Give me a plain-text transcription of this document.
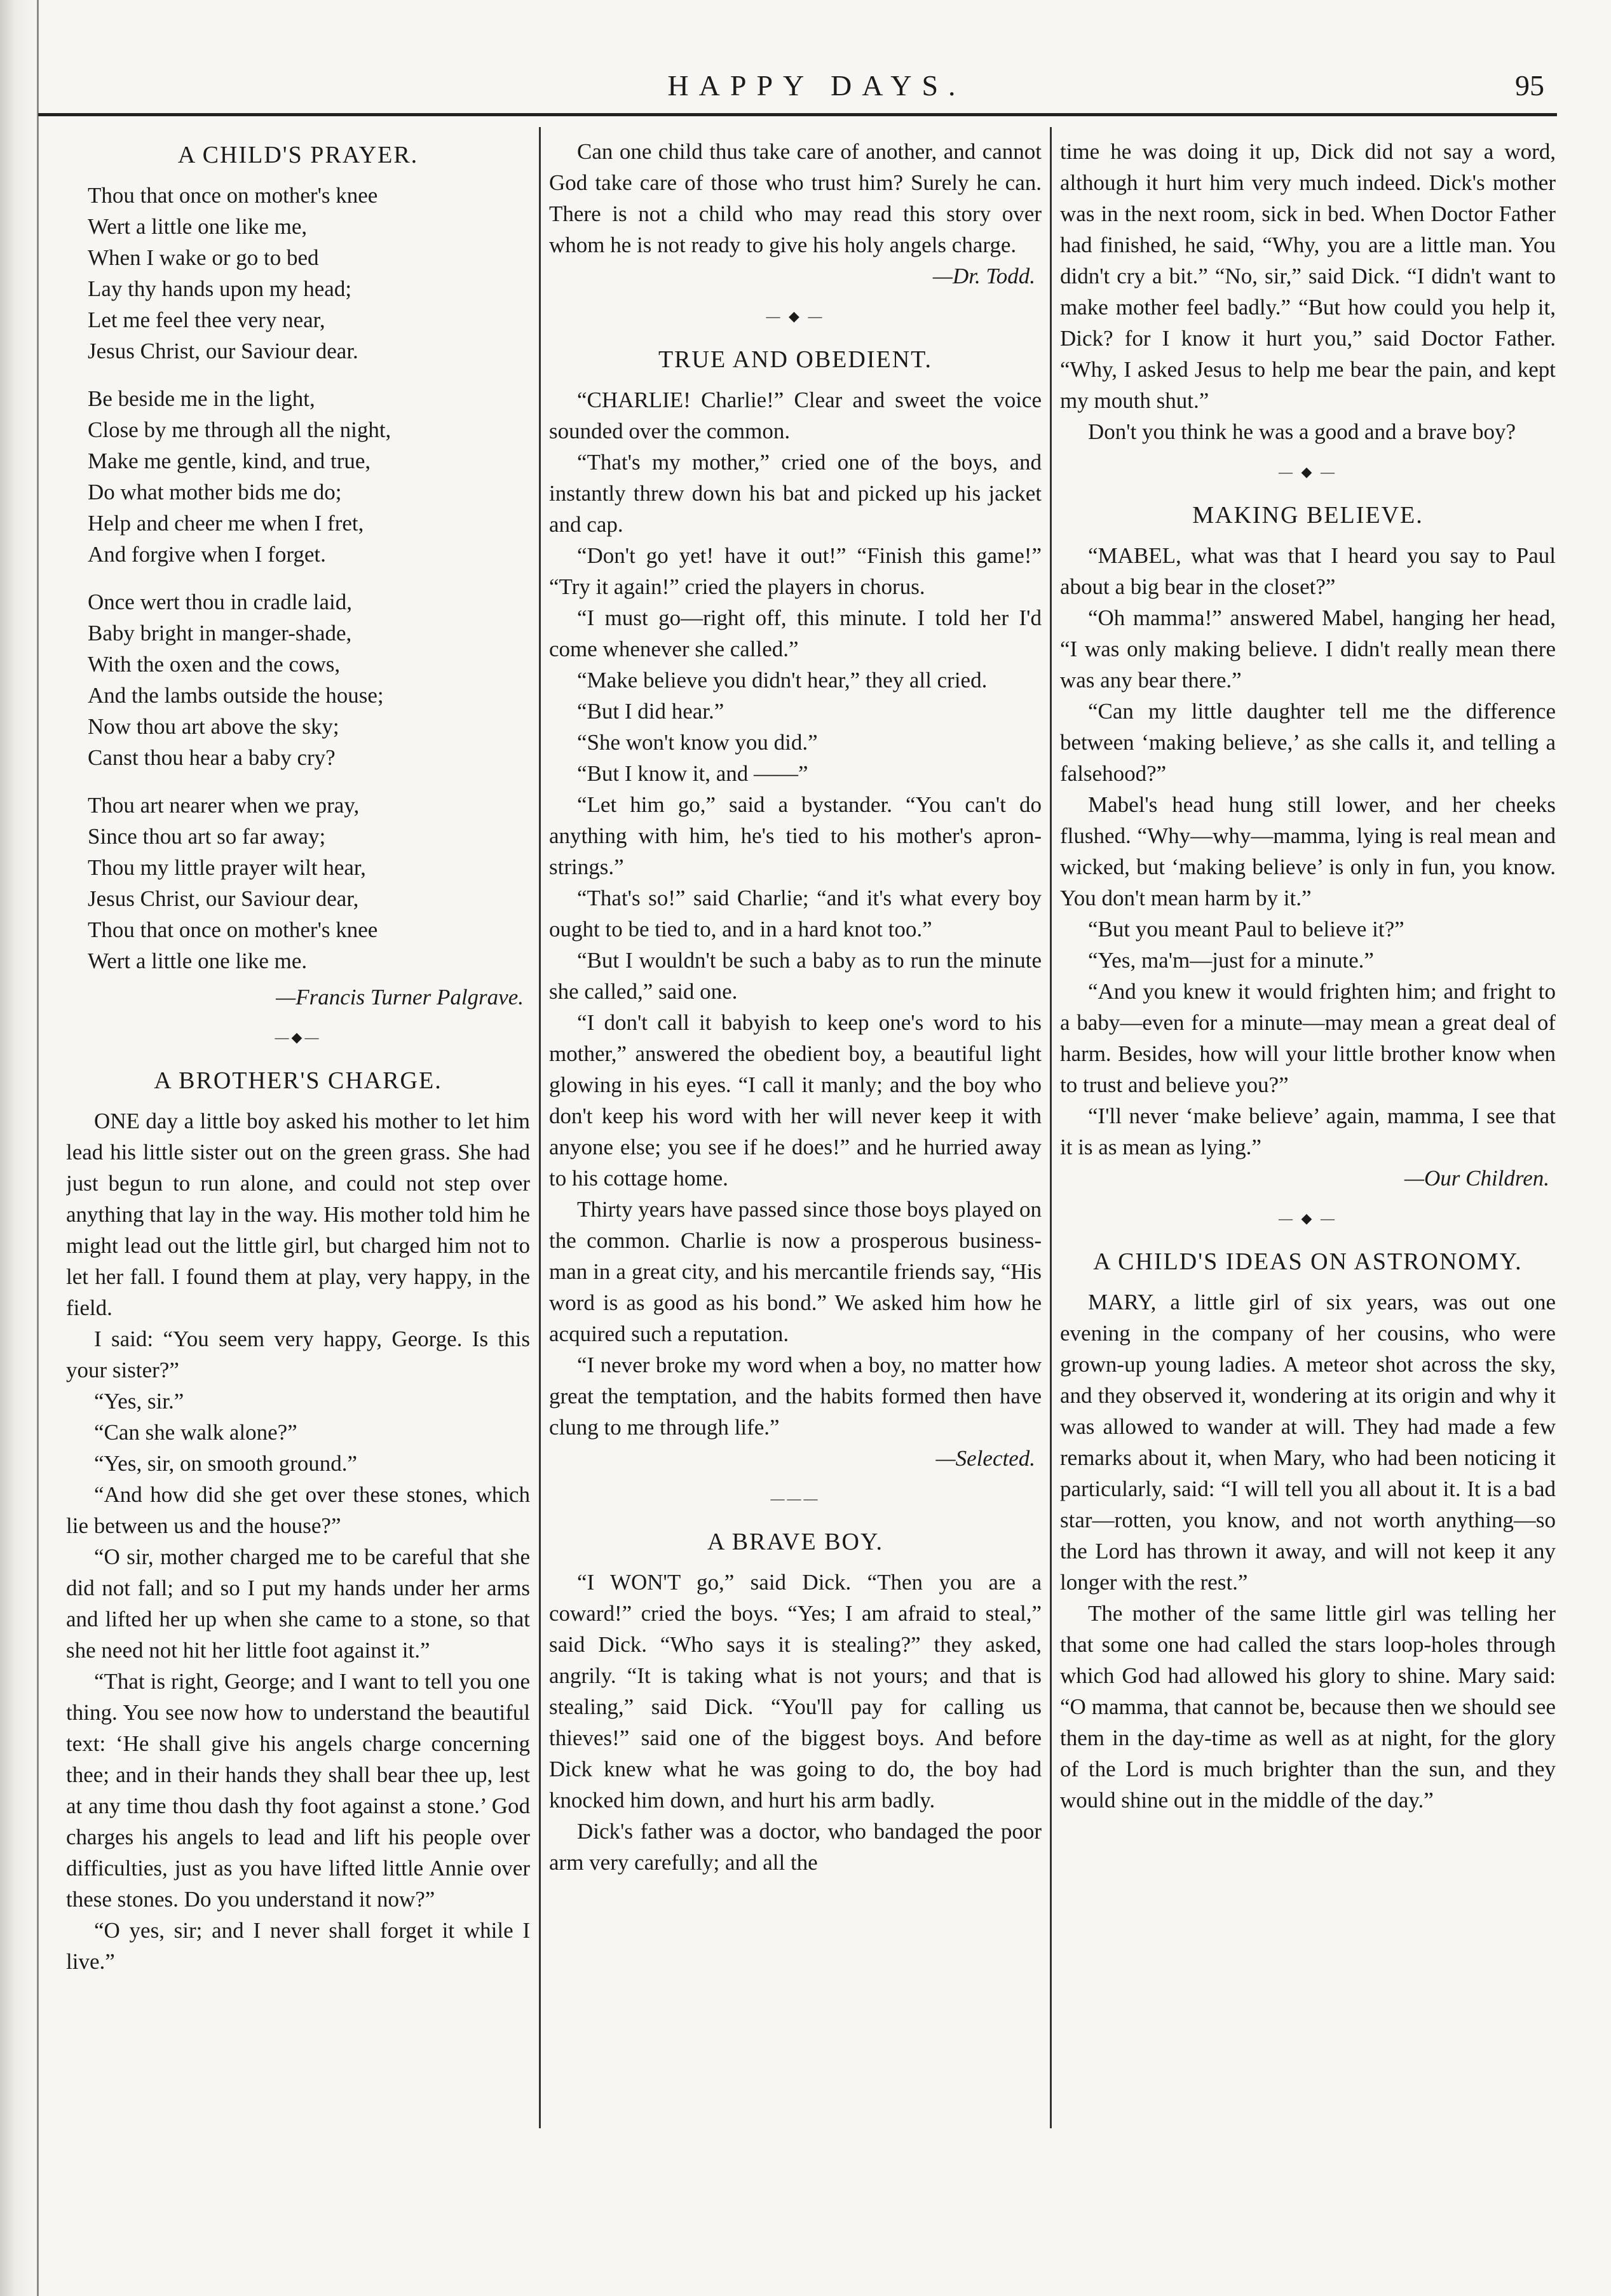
HAPPY DAYS.	95
A CHILD'S PRAYER.
Thou that once on mother's knee
Wert a little one like me,
When I wake or go to bed
Lay thy hands upon my head;
Let me feel thee very near,
Jesus Christ, our Saviour dear.
Be beside me in the light,
Close by me through all the night,
Make me gentle, kind, and true,
Do what mother bids me do;
Help and cheer me when I fret,
And forgive when I forget.
Once wert thou in cradle laid,
Baby bright in manger-shade,
With the oxen and the cows,
And the lambs outside the house;
Now thou art above the sky;
Canst thou hear a baby cry?
Thou art nearer when we pray,
Since thou art so far away;
Thou my little prayer wilt hear,
Jesus Christ, our Saviour dear,
Thou that once on mother's knee
Wert a little one like me.
—Francis Turner Palgrave.
—◆—
A BROTHER'S CHARGE.

ONE day a little boy asked his mother to let him lead his little sister out on the green grass. She had just begun to run alone, and could not step over anything that lay in the way. His mother told him he might lead out the little girl, but charged him not to let her fall. I found them at play, very happy, in the field.

I said: “You seem very happy, George. Is this your sister?”

“Yes, sir.”

“Can she walk alone?”

“Yes, sir, on smooth ground.”

“And how did she get over these stones, which lie between us and the house?”

“O sir, mother charged me to be careful that she did not fall; and so I put my hands under her arms and lifted her up when she came to a stone, so that she need not hit her little foot against it.”

“That is right, George; and I want to tell you one thing. You see now how to understand the beautiful text: ‘He shall give his angels charge concerning thee; and in their hands they shall bear thee up, lest at any time thou dash thy foot against a stone.’ God charges his angels to lead and lift his people over difficulties, just as you have lifted little Annie over these stones. Do you understand it now?”

“O yes, sir; and I never shall forget it while I live.”

Can one child thus take care of another, and cannot God take care of those who trust him? Surely he can. There is not a child who may read this story over whom he is not ready to give his holy angels charge.

—Dr. Todd.
— ◆ —
TRUE AND OBEDIENT.

“CHARLIE! Charlie!” Clear and sweet the voice sounded over the common.

“That's my mother,” cried one of the boys, and instantly threw down his bat and picked up his jacket and cap.

“Don't go yet! have it out!” “Finish this game!” “Try it again!” cried the players in chorus.

“I must go—right off, this minute. I told her I'd come whenever she called.”

“Make believe you didn't hear,” they all cried.

“But I did hear.”

“She won't know you did.”

“But I know it, and ——”

“Let him go,” said a bystander. “You can't do anything with him, he's tied to his mother's apron-strings.”

“That's so!” said Charlie; “and it's what every boy ought to be tied to, and in a hard knot too.”

“But I wouldn't be such a baby as to run the minute she called,” said one.

“I don't call it babyish to keep one's word to his mother,” answered the obedient boy, a beautiful light glowing in his eyes. “I call it manly; and the boy who don't keep his word with her will never keep it with anyone else; you see if he does!” and he hurried away to his cottage home.

Thirty years have passed since those boys played on the common. Charlie is now a prosperous business-man in a great city, and his mercantile friends say, “His word is as good as his bond.” We asked him how he acquired such a reputation.

“I never broke my word when a boy, no matter how great the temptation, and the habits formed then have clung to me through life.”

—Selected.
———
A BRAVE BOY.

“I WON'T go,” said Dick. “Then you are a coward!” cried the boys. “Yes; I am afraid to steal,” said Dick. “Who says it is stealing?” they asked, angrily. “It is taking what is not yours; and that is stealing,” said Dick. “You'll pay for calling us thieves!” said one of the biggest boys. And before Dick knew what he was going to do, the boy had knocked him down, and hurt his arm badly.

Dick's father was a doctor, who bandaged the poor arm very carefully; and all the

time he was doing it up, Dick did not say a word, although it hurt him very much indeed. Dick's mother was in the next room, sick in bed. When Doctor Father had finished, he said, “Why, you are a little man. You didn't cry a bit.” “No, sir,” said Dick. “I didn't want to make mother feel badly.” “But how could you help it, Dick? for I know it hurt you,” said Doctor Father. “Why, I asked Jesus to help me bear the pain, and kept my mouth shut.”

Don't you think he was a good and a brave boy?

— ◆ —
MAKING BELIEVE.

“MABEL, what was that I heard you say to Paul about a big bear in the closet?”

“Oh mamma!” answered Mabel, hanging her head, “I was only making believe. I didn't really mean there was any bear there.”

“Can my little daughter tell me the difference between ‘making believe,’ as she calls it, and telling a falsehood?”

Mabel's head hung still lower, and her cheeks flushed. “Why—why—mamma, lying is real mean and wicked, but ‘making believe’ is only in fun, you know. You don't mean harm by it.”

“But you meant Paul to believe it?”

“Yes, ma'm—just for a minute.”

“And you knew it would frighten him; and fright to a baby—even for a minute—may mean a great deal of harm. Besides, how will your little brother know when to trust and believe you?”

“I'll never ‘make believe’ again, mamma, I see that it is as mean as lying.”

—Our Children.
— ◆ —
A CHILD'S IDEAS ON ASTRONOMY.

MARY, a little girl of six years, was out one evening in the company of her cousins, who were grown-up young ladies. A meteor shot across the sky, and they observed it, wondering at its origin and why it was allowed to wander at will. They had made a few remarks about it, when Mary, who had been noticing it particularly, said: “I will tell you all about it. It is a bad star—rotten, you know, and not worth anything—so the Lord has thrown it away, and will not keep it any longer with the rest.”

The mother of the same little girl was telling her that some one had called the stars loop-holes through which God had allowed his glory to shine. Mary said: “O mamma, that cannot be, because then we should see them in the day-time as well as at night, for the glory of the Lord is much brighter than the sun, and they would shine out in the middle of the day.”
